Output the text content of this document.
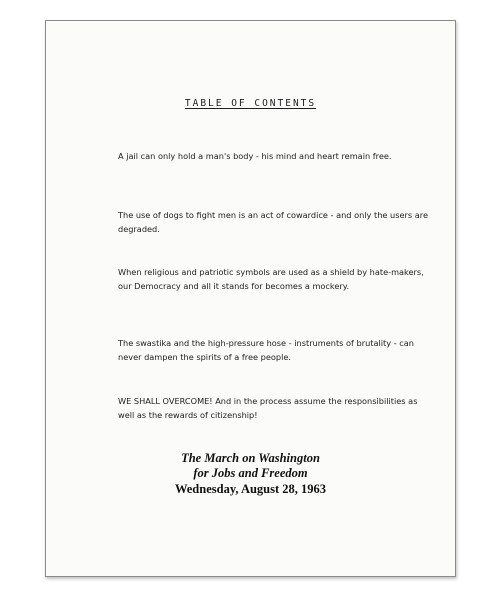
TABLE OF CONTENTS

A jail can only hold a man's body - his mind and heart remain free.

The use of dogs to fight men is an act of cowardice - and only the users are degraded.

When religious and patriotic symbols are used as a shield by hate-makers, our Democracy and all it stands for becomes a mockery.

The swastika and the high-pressure hose - instruments of brutality - can never dampen the spirits of a free people.

WE SHALL OVERCOME! And in the process assume the responsibilities as well as the rewards of citizenship!

The March on Washington
for Jobs and Freedom
Wednesday, August 28, 1963
